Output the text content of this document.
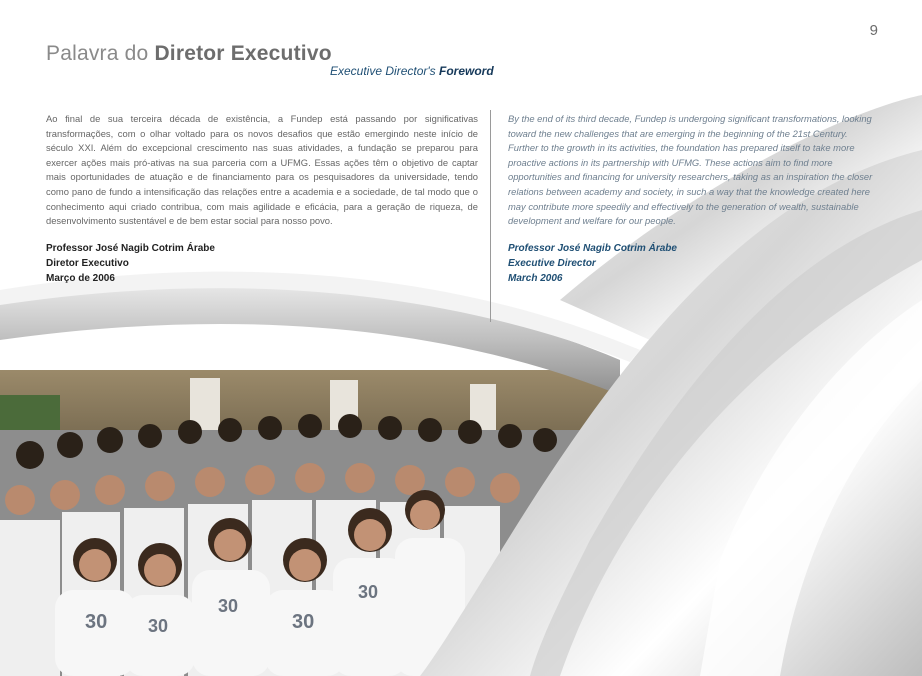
30 30
30
30
30
9
Palavra do Diretor Executivo
Executive Director's Foreword

Ao final de sua terceira década de existência, a Fundep está passando por significativas transformações, com o olhar voltado para os novos desafios que estão emergindo neste início de século XXI. Além do excepcional crescimento nas suas atividades, a fundação se preparou para exercer ações mais pró-ativas na sua parceria com a UFMG. Essas ações têm o objetivo de captar mais oportunidades de atuação e de financiamento para os pesquisadores da universidade, tendo como pano de fundo a intensificação das relações entre a academia e a sociedade, de tal modo que o conhecimento aqui criado contribua, com mais agilidade e eficácia, para a geração de riqueza, de desenvolvimento sustentável e de bem estar social para nosso povo.

Professor José Nagib Cotrim Árabe
Diretor Executivo
Março de 2006

By the end of its third decade, Fundep is undergoing significant transformations, looking toward the new challenges that are emerging in the beginning of the 21st Century. Further to the growth in its activities, the foundation has prepared itself to take more proactive actions in its partnership with UFMG. These actions aim to find more opportunities and financing for university researchers, taking as an inspiration the closer relations between academy and society, in such a way that the knowledge created here may contribute more speedily and effectively to the generation of wealth, sustainable development and welfare for our people.

Professor José Nagib Cotrim Árabe
Executive Director
March 2006
